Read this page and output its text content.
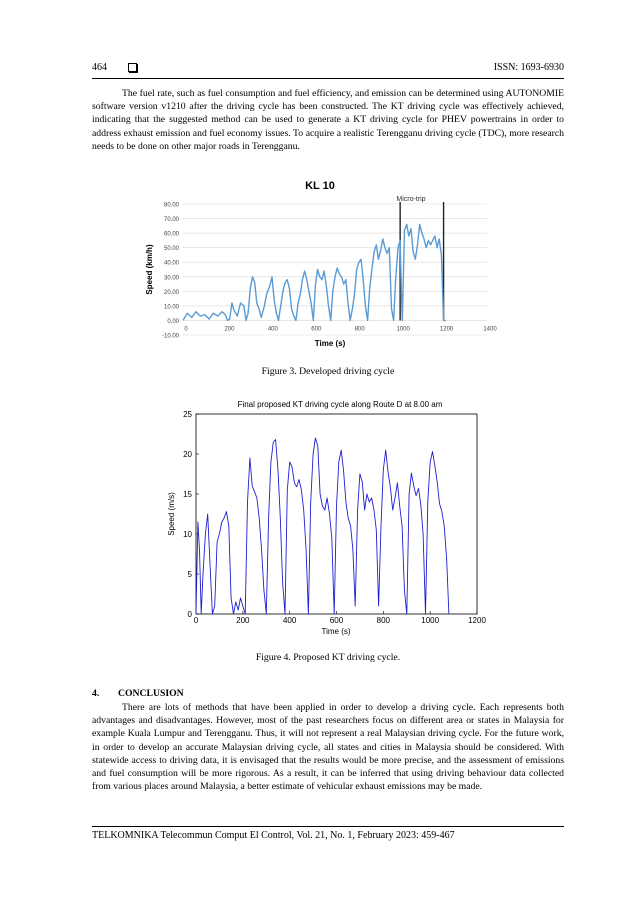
464	ISSN: 1693-6930

The fuel rate, such as fuel consumption and fuel efficiency, and emission can be determined using AUTONOMIE software version v1210 after the driving cycle has been constructed. The KT driving cycle was effectively achieved, indicating that the suggested method can be used to generate a KT driving cycle for PHEV powertrains in order to address exhaust emission and fuel economy issues. To acquire a realistic Terengganu driving cycle (TDC), more research needs to be done on other major roads in Terengganu.

KL 10
-10.00
0.00
10.00
20.00
30.00
40.00
50.00
60.00
70.00
80.00
0	200	400	600	800	1000	1200	1400
Micro-trip
Speed (km/h)
Time (s)
Figure 3. Developed driving cycle
Final proposed KT driving cycle along Route D at 8.00 am
0
5
10
15
20
25
0	200	400	600	800	1000	1200
Speed (m/s)
Time (s)
Figure 4. Proposed KT driving cycle.
4. CONCLUSION

There are lots of methods that have been applied in order to develop a driving cycle. Each represents both advantages and disadvantages. However, most of the past researchers focus on different area or states in Malaysia for example Kuala Lumpur and Terengganu. Thus, it will not represent a real Malaysian driving cycle. For the future work, in order to develop an accurate Malaysian driving cycle, all states and cities in Malaysia should be considered. With statewide access to driving data, it is envisaged that the results would be more precise, and the assessment of emissions and fuel consumption will be more rigorous. As a result, it can be inferred that using driving behaviour data collected from various places around Malaysia, a better estimate of vehicular exhaust emissions may be made.

TELKOMNIKA Telecommun Comput El Control, Vol. 21, No. 1, February 2023: 459-467
